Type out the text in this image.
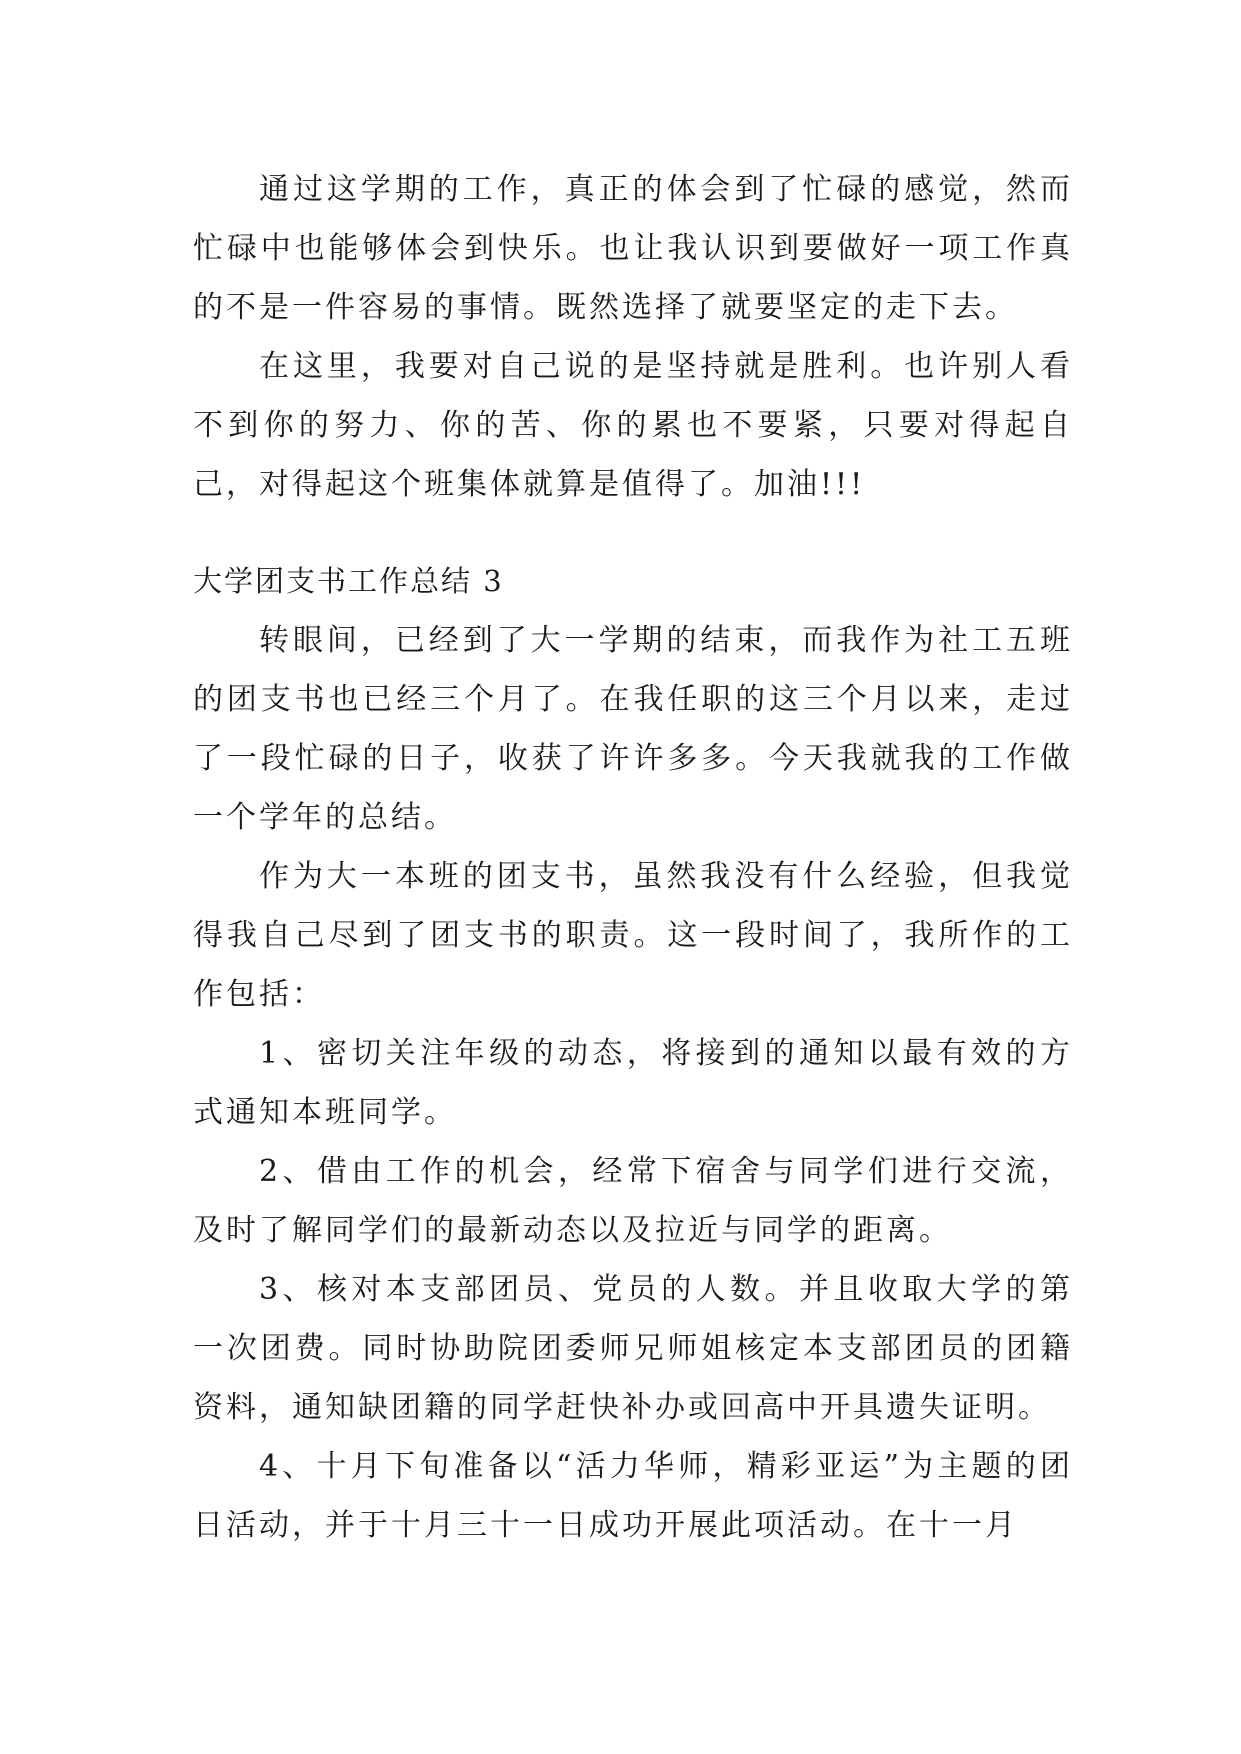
通过这学期的工作，真正的体会到了忙碌的感觉，然而忙碌中也能够体会到快乐。也让我认识到要做好一项工作真的不是一件容易的事情。既然选择了就要坚定的走下去。

在这里，我要对自己说的是坚持就是胜利。也许别人看不到你的努力、你的苦、你的累也不要紧，只要对得起自己，对得起这个班集体就算是值得了。加油!!!

大学团支书工作总结 3

转眼间，已经到了大一学期的结束，而我作为社工五班的团支书也已经三个月了。在我任职的这三个月以来，走过了一段忙碌的日子，收获了许许多多。今天我就我的工作做一个学年的总结。

作为大一本班的团支书，虽然我没有什么经验，但我觉得我自己尽到了团支书的职责。这一段时间了，我所作的工作包括：

1、密切关注年级的动态，将接到的通知以最有效的方式通知本班同学。

2、借由工作的机会，经常下宿舍与同学们进行交流，及时了解同学们的最新动态以及拉近与同学的距离。

3、核对本支部团员、党员的人数。并且收取大学的第一次团费。同时协助院团委师兄师姐核定本支部团员的团籍资料，通知缺团籍的同学赶快补办或回高中开具遗失证明。

4、十月下旬准备以“活力华师，精彩亚运”为主题的团日活动，并于十月三十一日成功开展此项活动。在十一月
